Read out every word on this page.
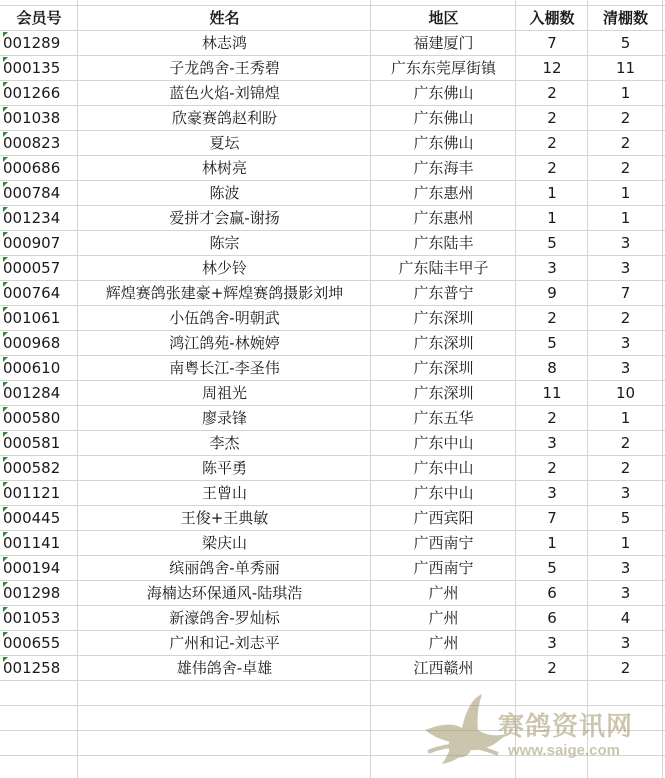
会员号	姓名	地区	入棚数	清棚数
001289	林志鸿	福建厦门	7	5
000135	子龙鸽舍-王秀碧	广东东莞厚街镇	12	11
001266	蓝色火焰-刘锦煌	广东佛山	2	1
001038	欣豪赛鸽赵利盼	广东佛山	2	2
000823	夏坛	广东佛山	2	2
000686	林树亮	广东海丰	2	2
000784	陈波	广东惠州	1	1
001234	爱拼才会赢-谢扬	广东惠州	1	1
000907	陈宗	广东陆丰	5	3
000057	林少铃	广东陆丰甲子	3	3
000764	辉煌赛鸽张建豪+辉煌赛鸽摄影刘坤	广东普宁	9	7
001061	小伍鸽舍-明朝武	广东深圳	2	2
000968	鸿江鸽苑-林婉婷	广东深圳	5	3
000610	南粤长江-李圣伟	广东深圳	8	3
001284	周祖光	广东深圳	11	10
000580	廖录锋	广东五华	2	1
000581	李杰	广东中山	3	2
000582	陈平勇	广东中山	2	2
001121	王曾山	广东中山	3	3
000445	王俊+王典敏	广西宾阳	7	5
001141	梁庆山	广西南宁	1	1
000194	缤丽鸽舍-单秀丽	广西南宁	5	3
001298	海楠达环保通风-陆琪浩	广州	6	3
001053	新濠鸽舍-罗灿标	广州	6	4
000655	广州和记-刘志平	广州	3	3
001258	雄伟鸽舍-卓雄	江西赣州	2	2
赛鸽资讯网
www.saige.com
